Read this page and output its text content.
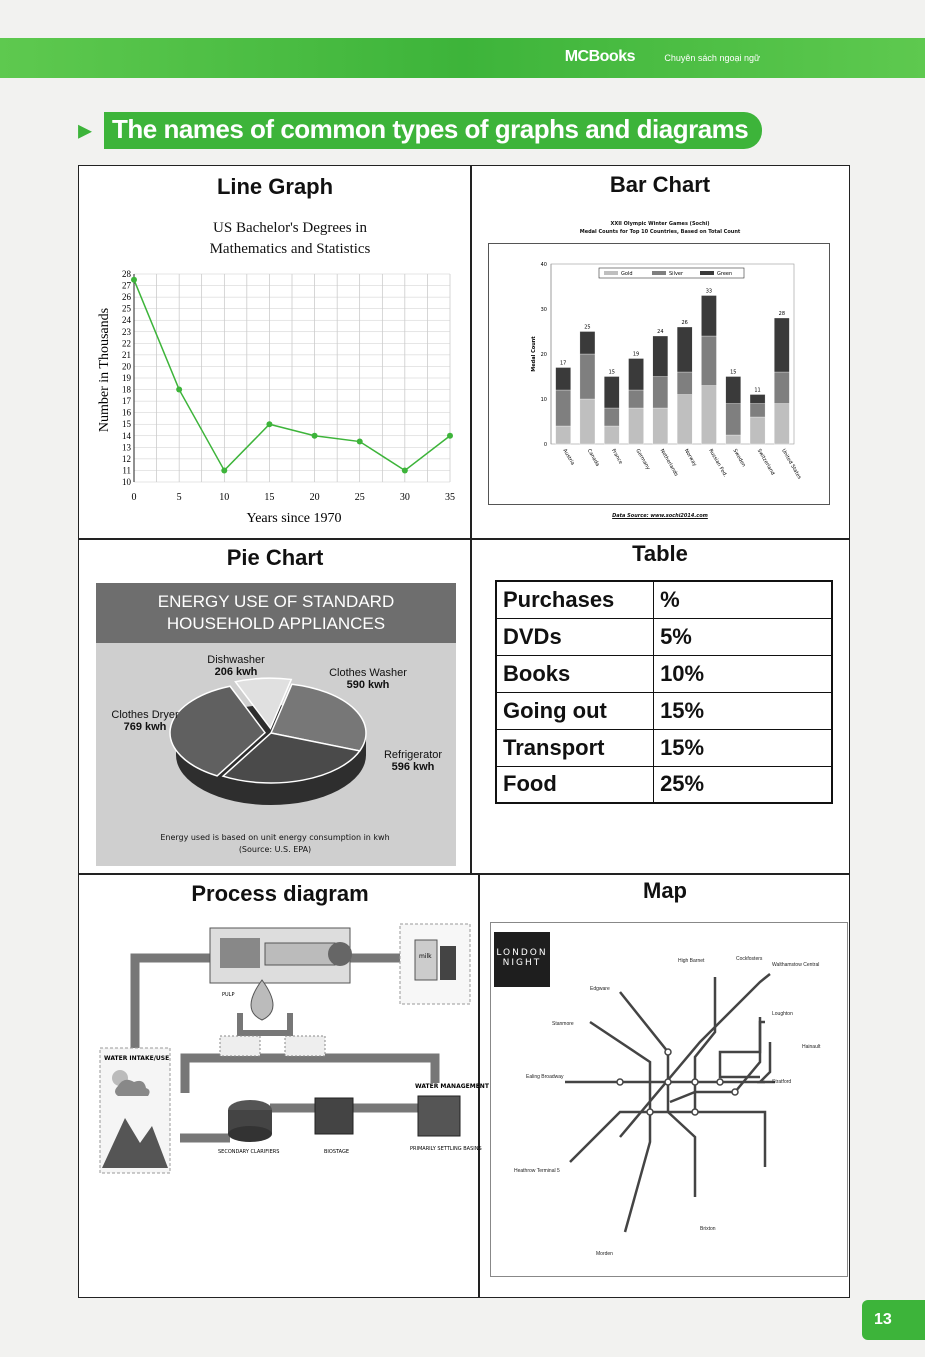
MCBooks	Chuyên sách ngoại ngữ
▸ The names of common types of graphs and diagrams
Line Graph
US Bachelor's Degrees in
Mathematics and Statistics
10
11
12
13
14
15
16
17
18
19
20
21
22
23
24
25
26
27
28
0	5	10	15	20	25	30	35
Number in Thousands
Years since 1970
Bar Chart
XXII Olympic Winter Games (Sochi)
Medal Counts for Top 10 Countries, Based on Total Count
Gold	Silver	Green
0
10
20
30
40
17
25
15
19
24
26
33
15
11
28
Austria Canada France Germany Netherlands Norway Russian Fed. Sweden Switzerland United States
Medal Count
Data Source: www.sochi2014.com
Pie Chart
ENERGY USE OF STANDARD
HOUSEHOLD APPLIANCES
Dishwasher
206 kwh	Clothes Washer
590 kwh
Refrigerator
596 kwh
Clothes Dryer
769 kwh
Energy used is based on unit energy consumption in kwh
(Source: U.S. EPA)
Table
Purchases	%
DVDs	5%
Books	10%
Going out	15%
Transport	15%
Food	25%
Process diagram
milk
WATER INTAKE/USE
PULP
WATER MANAGEMENT
SECONDARY CLARIFIERS	BIOSTAGE	PRIMARILY SETTLING BASINS
Map
LONDON
NIGHT	High Barnet	Cockfosters
Walthamstow Central
Edgware
Stanmore
Loughton
Hainault
Ealing Broadway
Stratford
Heathrow Terminal 5
Brixton
Morden
13
